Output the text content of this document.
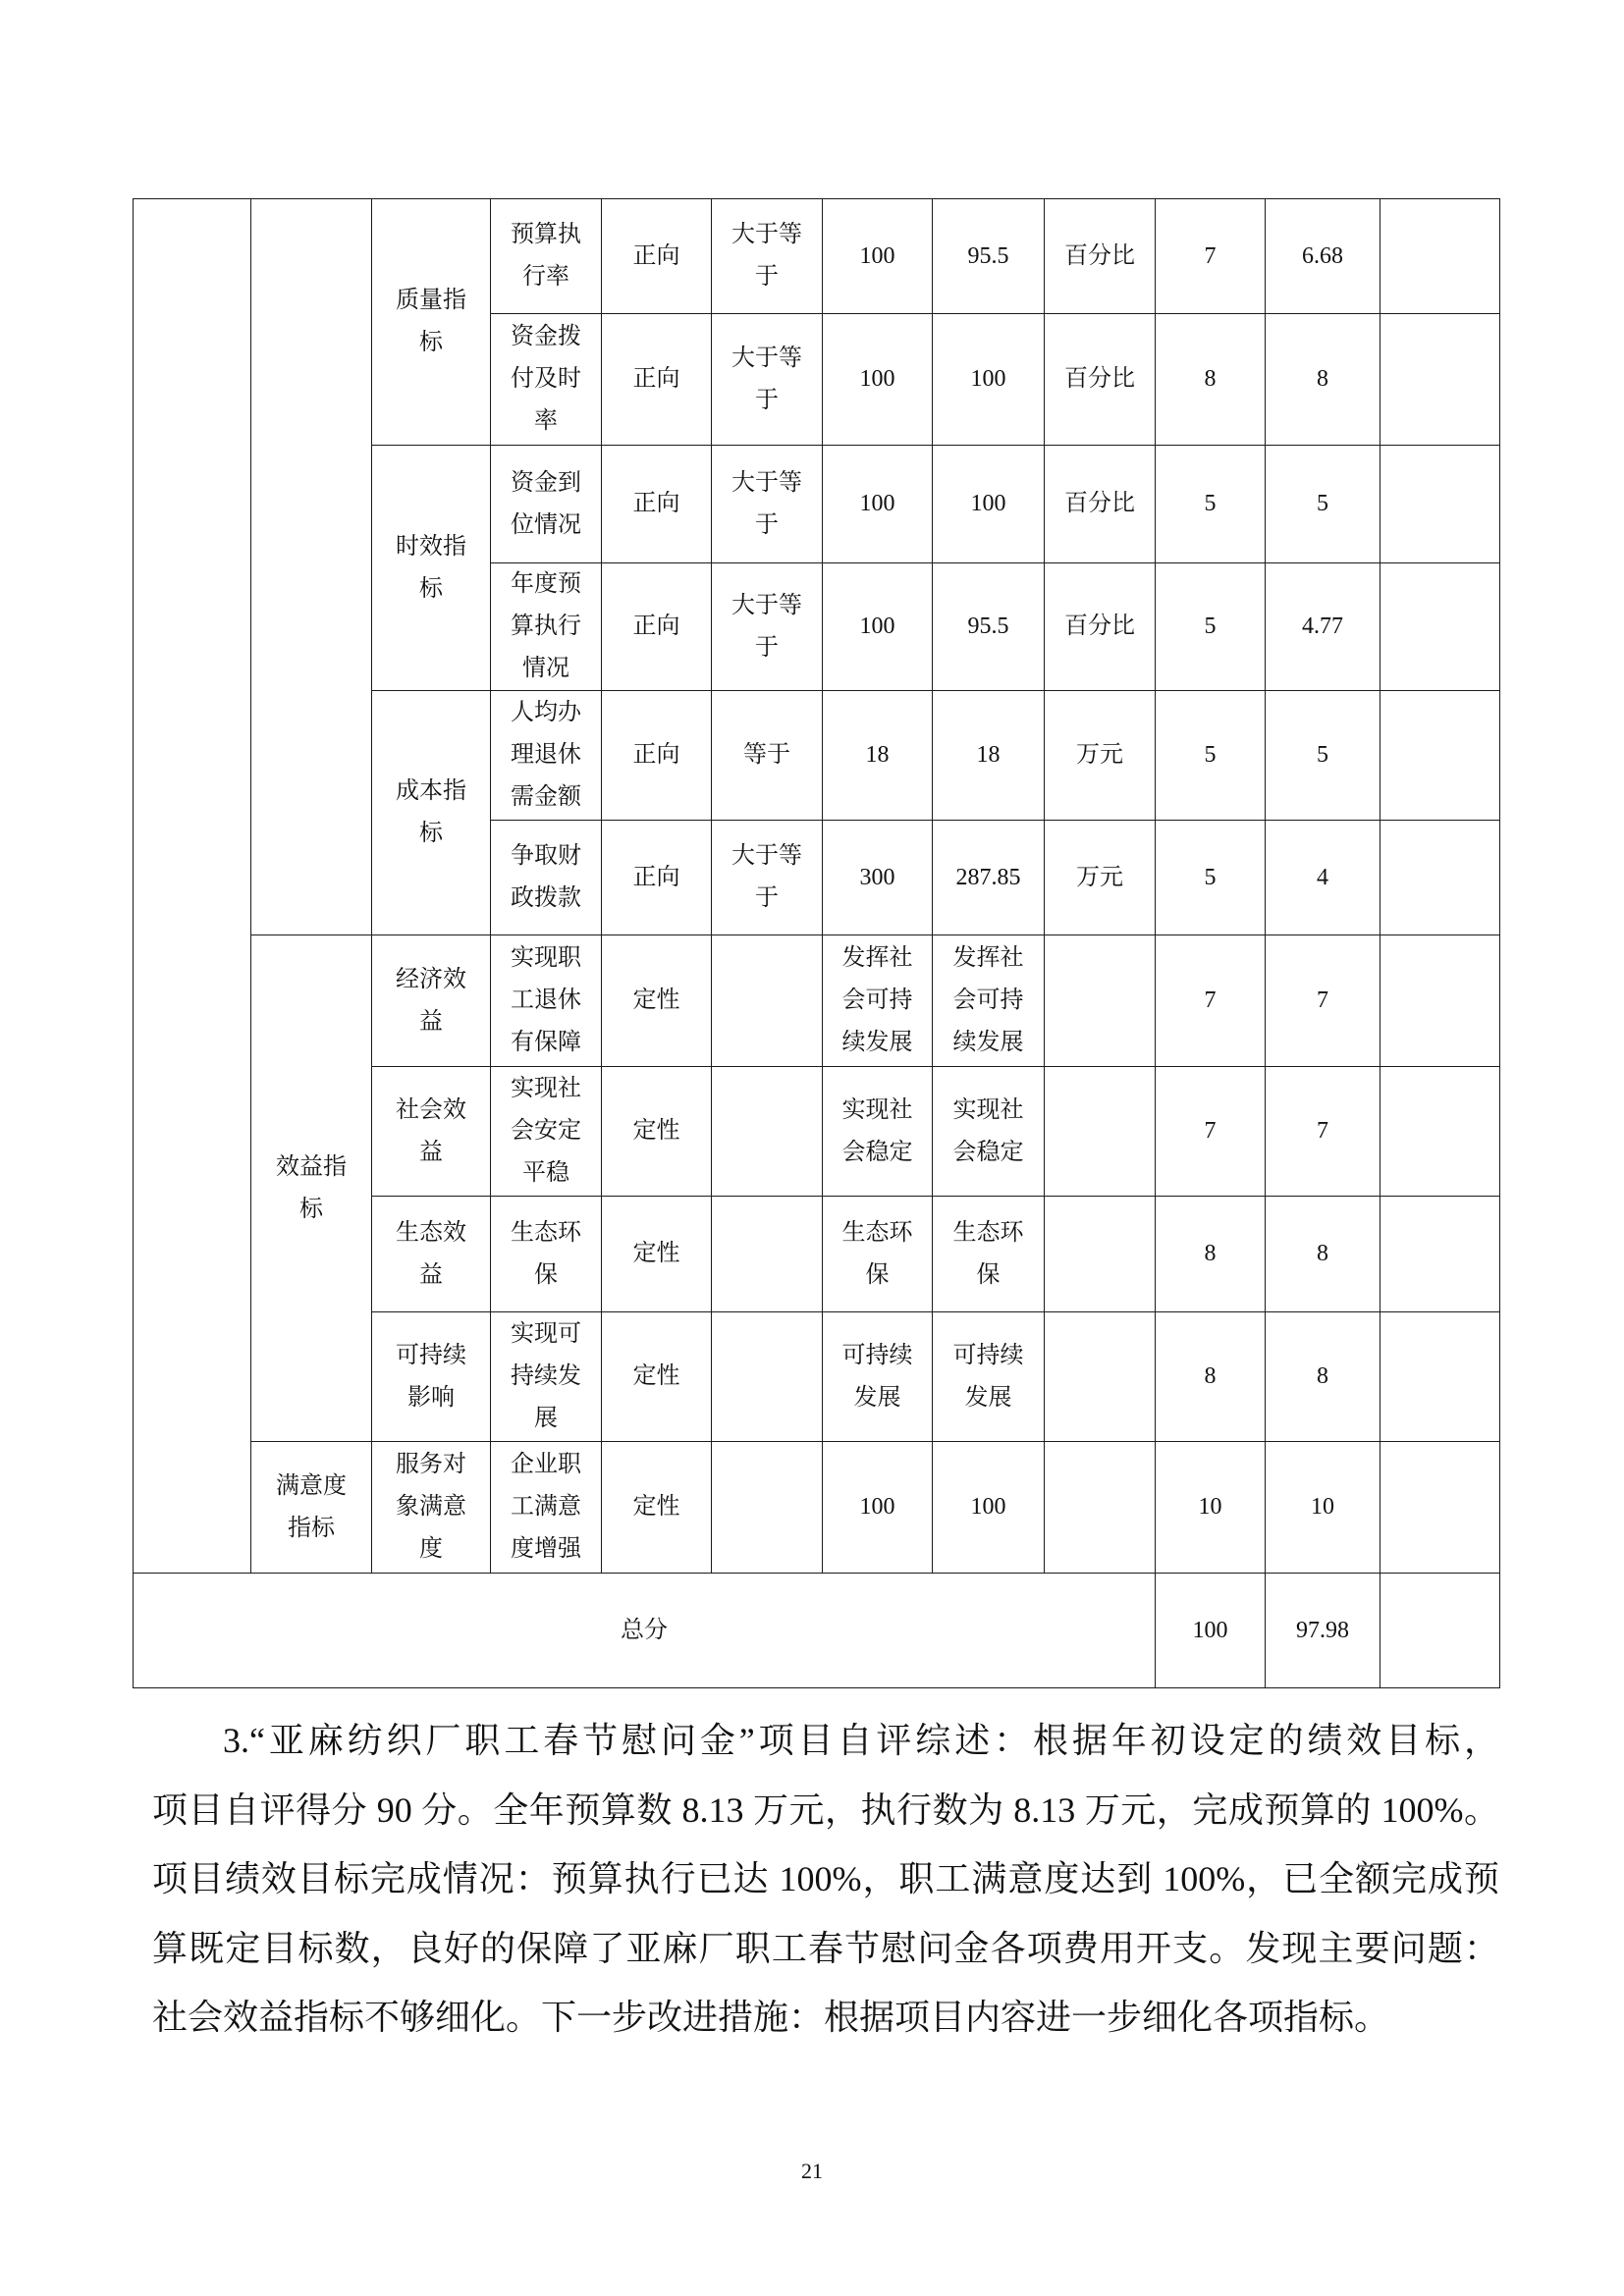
		质量指标	预算执行率	正向	大于等于	100	95.5	百分比	7	6.68	

			资金拨付及时率	正向	大于等于	100	100	百分比	8	8	

		时效指标	资金到位情况	正向	大于等于	100	100	百分比	5	5	

			年度预算执行情况	正向	大于等于	100	95.5	百分比	5	4.77	

		成本指标	人均办理退休需金额	正向	等于	18	18	万元	5	5	

			争取财政拨款	正向	大于等于	300	287.85	万元	5	4	

	效益指标	经济效益	实现职工退休有保障	定性		发挥社会可持续发展	发挥社会可持续发展		7	7	

		社会效益	实现社会安定平稳	定性		实现社会稳定	实现社会稳定		7	7	

		生态效益	生态环保	定性		生态环保	生态环保		8	8	

		可持续影响	实现可持续发展	定性		可持续发展	可持续发展		8	8	

	满意度指标	服务对象满意度	企业职工满意度增强	定性		100	100		10	10	

总分									100	97.98	

3.“亚麻纺织厂职工春节慰问金”项目自评综述：根据年初设定的绩效目标，
项目自评得分 90 分。全年预算数 8.13 万元，执行数为 8.13 万元，完成预算的 100%。
项目绩效目标完成情况：预算执行已达 100%，职工满意度达到 100%，已全额完成预
算既定目标数，良好的保障了亚麻厂职工春节慰问金各项费用开支。发现主要问题：
社会效益指标不够细化。下一步改进措施：根据项目内容进一步细化各项指标。
21
